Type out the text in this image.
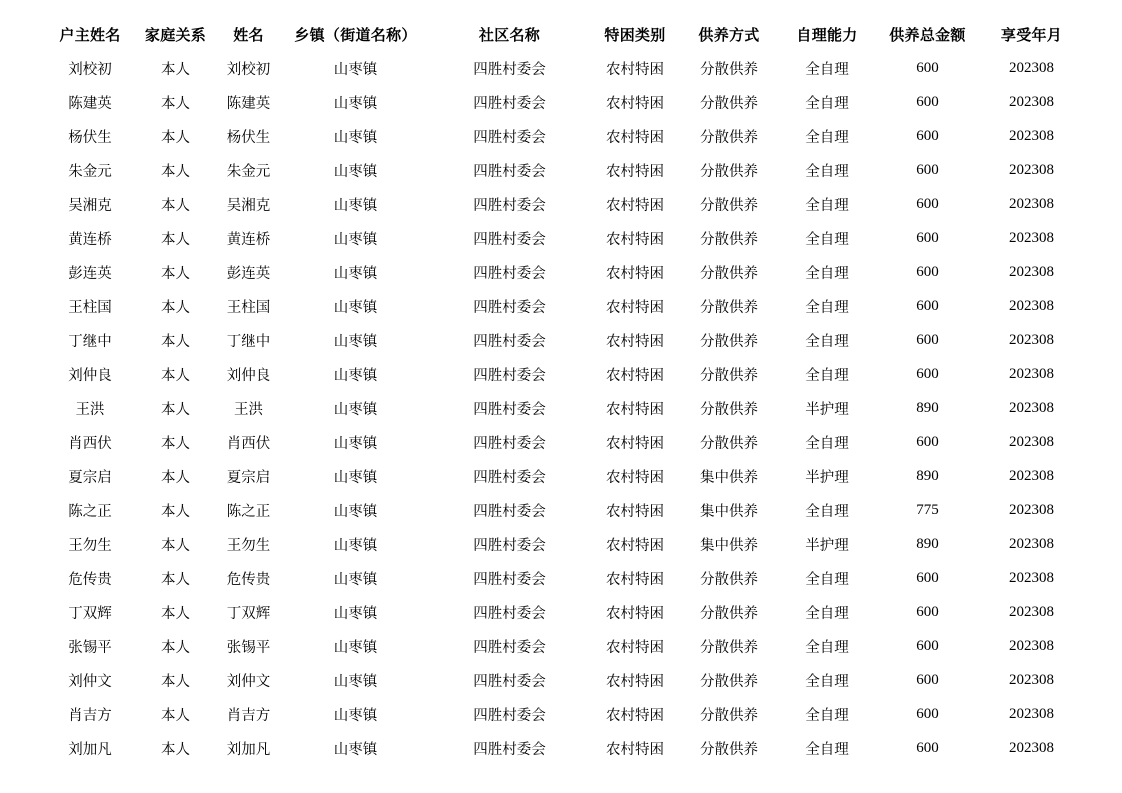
户主姓名	家庭关系	姓名	乡镇（街道名称）	社区名称	特困类别	供养方式	自理能力	供养总金额	享受年月
刘校初	本人	刘校初	山枣镇	四胜村委会	农村特困	分散供养	全自理	600	202308
陈建英	本人	陈建英	山枣镇	四胜村委会	农村特困	分散供养	全自理	600	202308
杨伏生	本人	杨伏生	山枣镇	四胜村委会	农村特困	分散供养	全自理	600	202308
朱金元	本人	朱金元	山枣镇	四胜村委会	农村特困	分散供养	全自理	600	202308
吴湘克	本人	吴湘克	山枣镇	四胜村委会	农村特困	分散供养	全自理	600	202308
黄连桥	本人	黄连桥	山枣镇	四胜村委会	农村特困	分散供养	全自理	600	202308
彭连英	本人	彭连英	山枣镇	四胜村委会	农村特困	分散供养	全自理	600	202308
王柱国	本人	王柱国	山枣镇	四胜村委会	农村特困	分散供养	全自理	600	202308
丁继中	本人	丁继中	山枣镇	四胜村委会	农村特困	分散供养	全自理	600	202308
刘仲良	本人	刘仲良	山枣镇	四胜村委会	农村特困	分散供养	全自理	600	202308
王洪	本人	王洪	山枣镇	四胜村委会	农村特困	分散供养	半护理	890	202308
肖西伏	本人	肖西伏	山枣镇	四胜村委会	农村特困	分散供养	全自理	600	202308
夏宗启	本人	夏宗启	山枣镇	四胜村委会	农村特困	集中供养	半护理	890	202308
陈之正	本人	陈之正	山枣镇	四胜村委会	农村特困	集中供养	全自理	775	202308
王勿生	本人	王勿生	山枣镇	四胜村委会	农村特困	集中供养	半护理	890	202308
危传贵	本人	危传贵	山枣镇	四胜村委会	农村特困	分散供养	全自理	600	202308
丁双辉	本人	丁双辉	山枣镇	四胜村委会	农村特困	分散供养	全自理	600	202308
张锡平	本人	张锡平	山枣镇	四胜村委会	农村特困	分散供养	全自理	600	202308
刘仲文	本人	刘仲文	山枣镇	四胜村委会	农村特困	分散供养	全自理	600	202308
肖吉方	本人	肖吉方	山枣镇	四胜村委会	农村特困	分散供养	全自理	600	202308
刘加凡	本人	刘加凡	山枣镇	四胜村委会	农村特困	分散供养	全自理	600	202308
